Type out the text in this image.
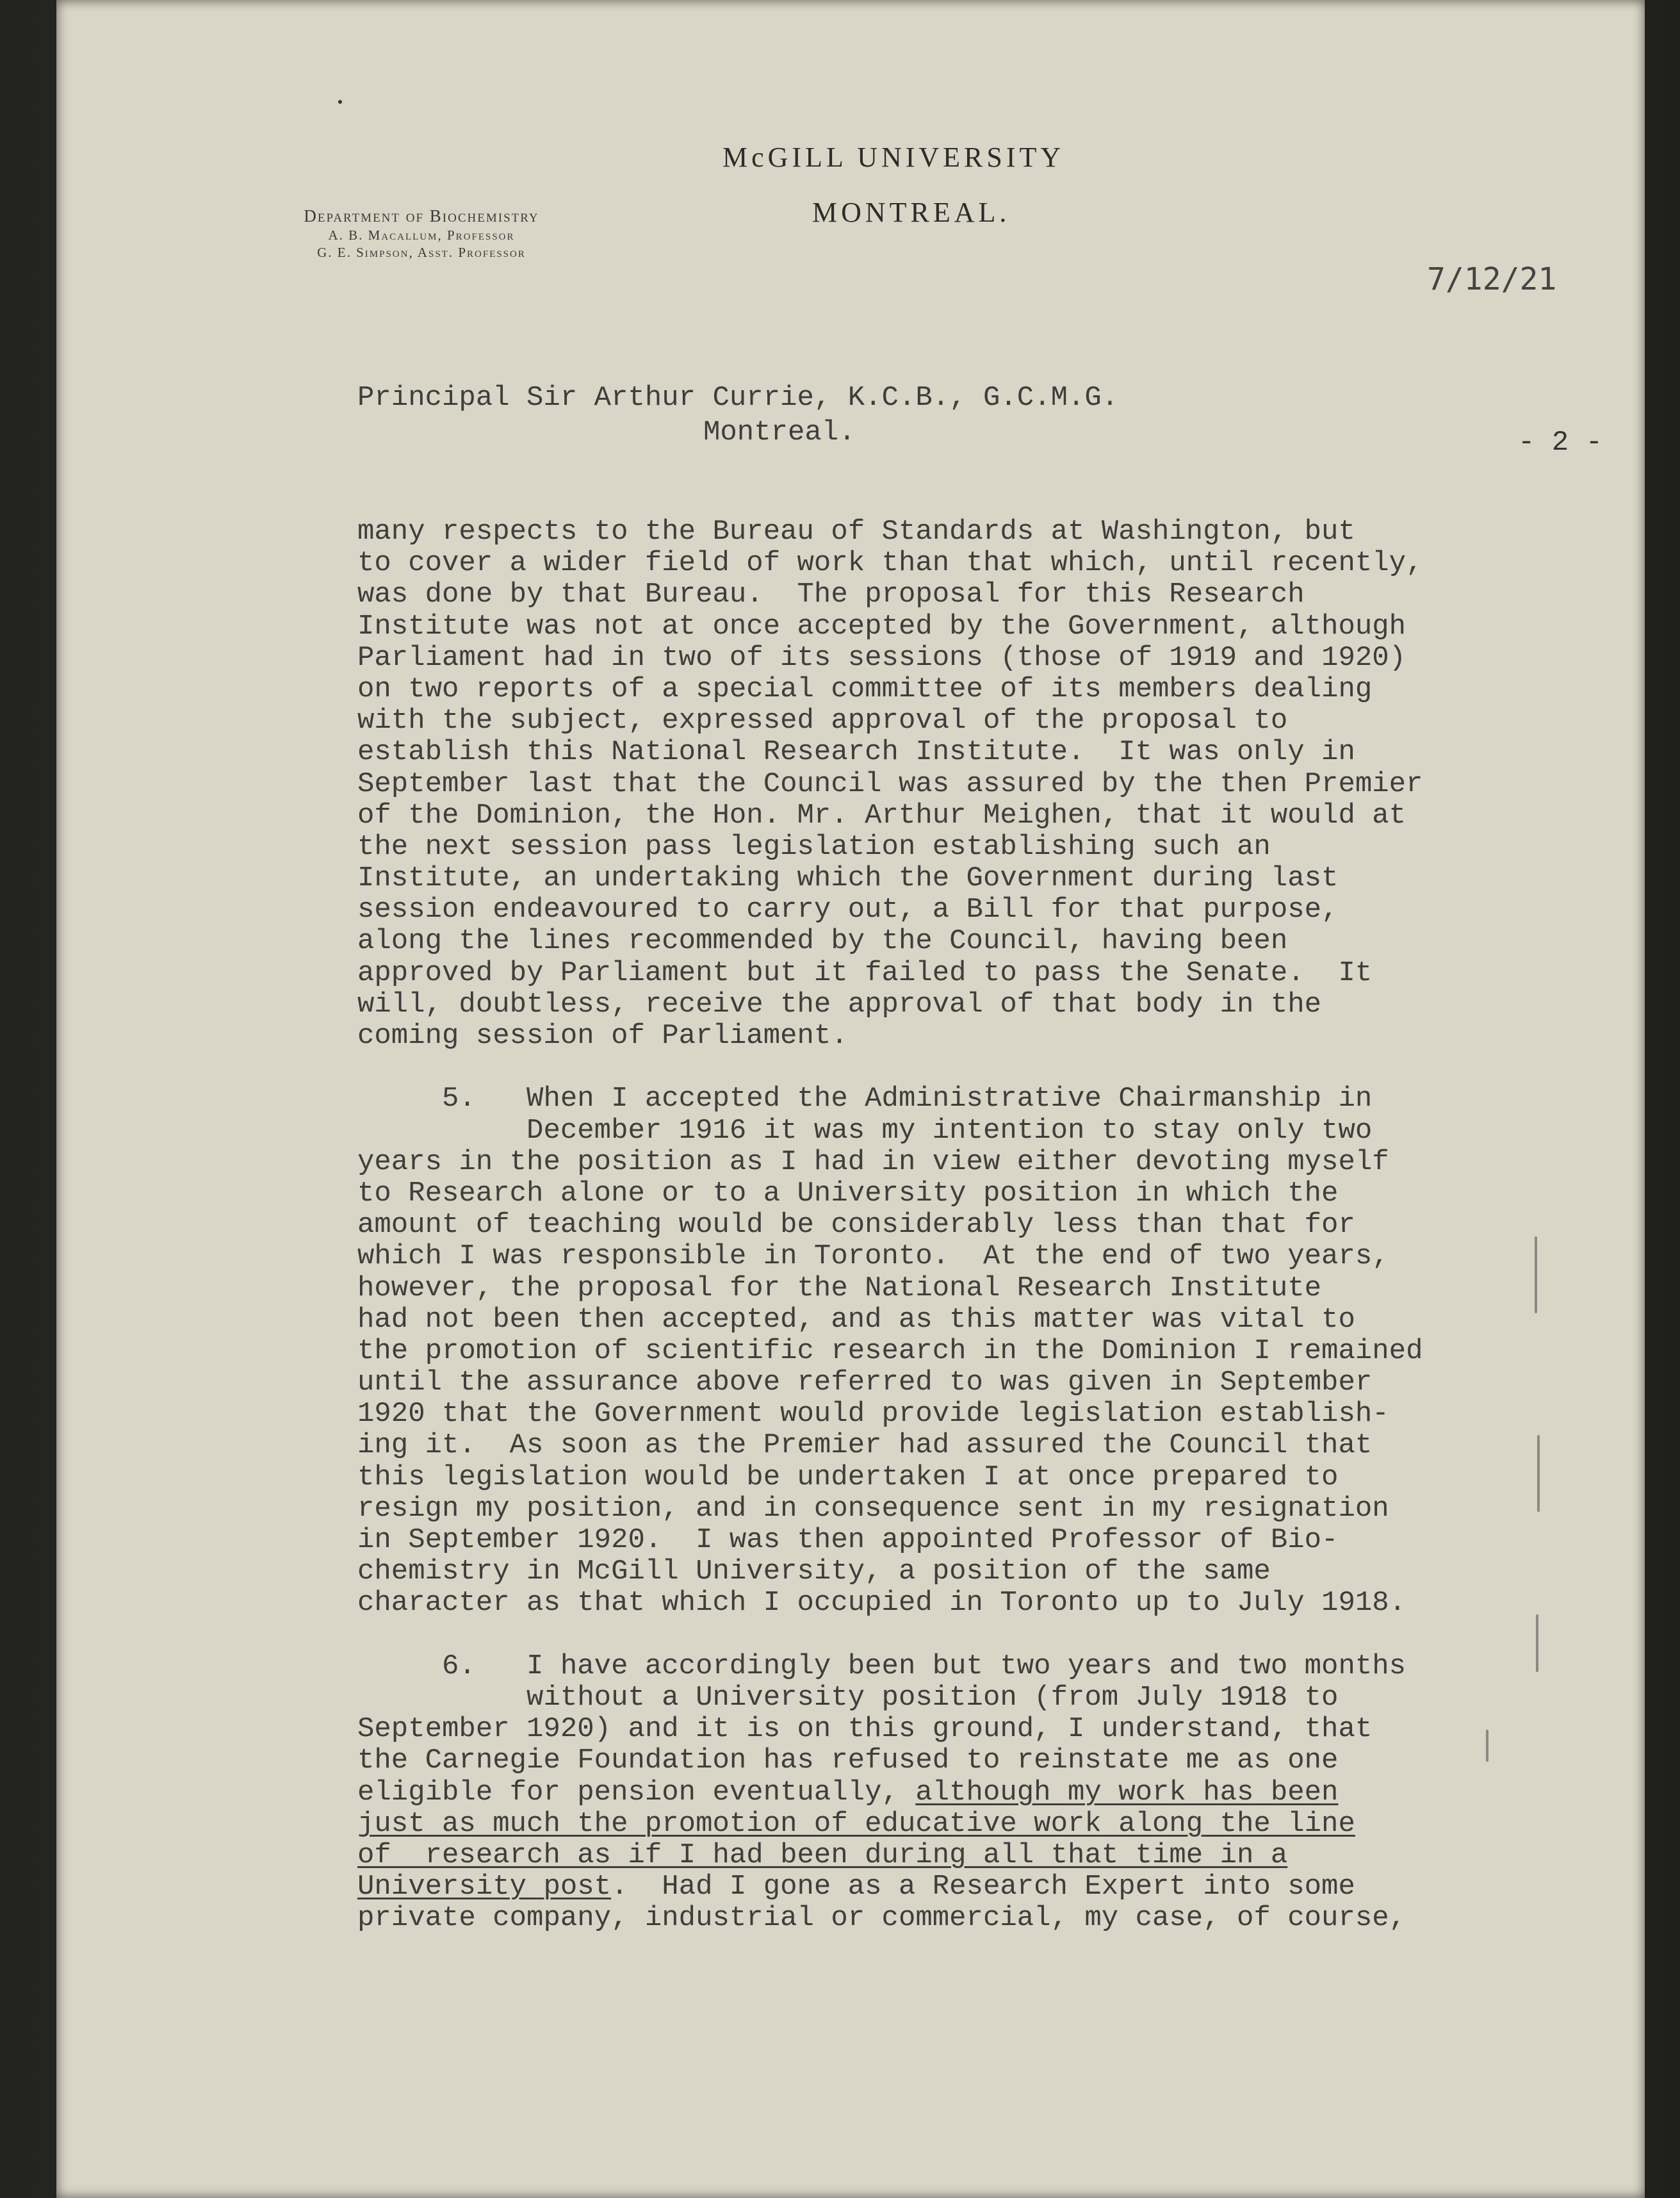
McGILL UNIVERSITY
MONTREAL.
Department of Biochemistry
A. B. Macallum, Professor
G. E. Simpson, Asst. Professor
7/12/21
Principal Sir Arthur Currie, K.C.B., G.C.M.G.
Montreal.	- 2 -
many respects to the Bureau of Standards at Washington, but
to cover a wider field of work than that which, until recently,
was done by that Bureau.  The proposal for this Research
Institute was not at once accepted by the Government, although
Parliament had in two of its sessions (those of 1919 and 1920)
on two reports of a special committee of its members dealing
with the subject, expressed approval of the proposal to
establish this National Research Institute.  It was only in
September last that the Council was assured by the then Premier
of the Dominion, the Hon. Mr. Arthur Meighen, that it would at
the next session pass legislation establishing such an
Institute, an undertaking which the Government during last
session endeavoured to carry out, a Bill for that purpose,
along the lines recommended by the Council, having been
approved by Parliament but it failed to pass the Senate.  It
will, doubtless, receive the approval of that body in the
coming session of Parliament.
5.   When I accepted the Administrative Chairmanship in
December 1916 it was my intention to stay only two
years in the position as I had in view either devoting myself
to Research alone or to a University position in which the
amount of teaching would be considerably less than that for
which I was responsible in Toronto.  At the end of two years,
however, the proposal for the National Research Institute
had not been then accepted, and as this matter was vital to
the promotion of scientific research in the Dominion I remained
until the assurance above referred to was given in September
1920 that the Government would provide legislation establish-
ing it.  As soon as the Premier had assured the Council that
this legislation would be undertaken I at once prepared to
resign my position, and in consequence sent in my resignation
in September 1920.  I was then appointed Professor of Bio-
chemistry in McGill University, a position of the same
character as that which I occupied in Toronto up to July 1918.
6.   I have accordingly been but two years and two months
without a University position (from July 1918 to
September 1920) and it is on this ground, I understand, that
the Carnegie Foundation has refused to reinstate me as one
eligible for pension eventually, although my work has been
just as much the promotion of educative work along the line
of  research as if I had been during all that time in a
University post.  Had I gone as a Research Expert into some
private company, industrial or commercial, my case, of course,
